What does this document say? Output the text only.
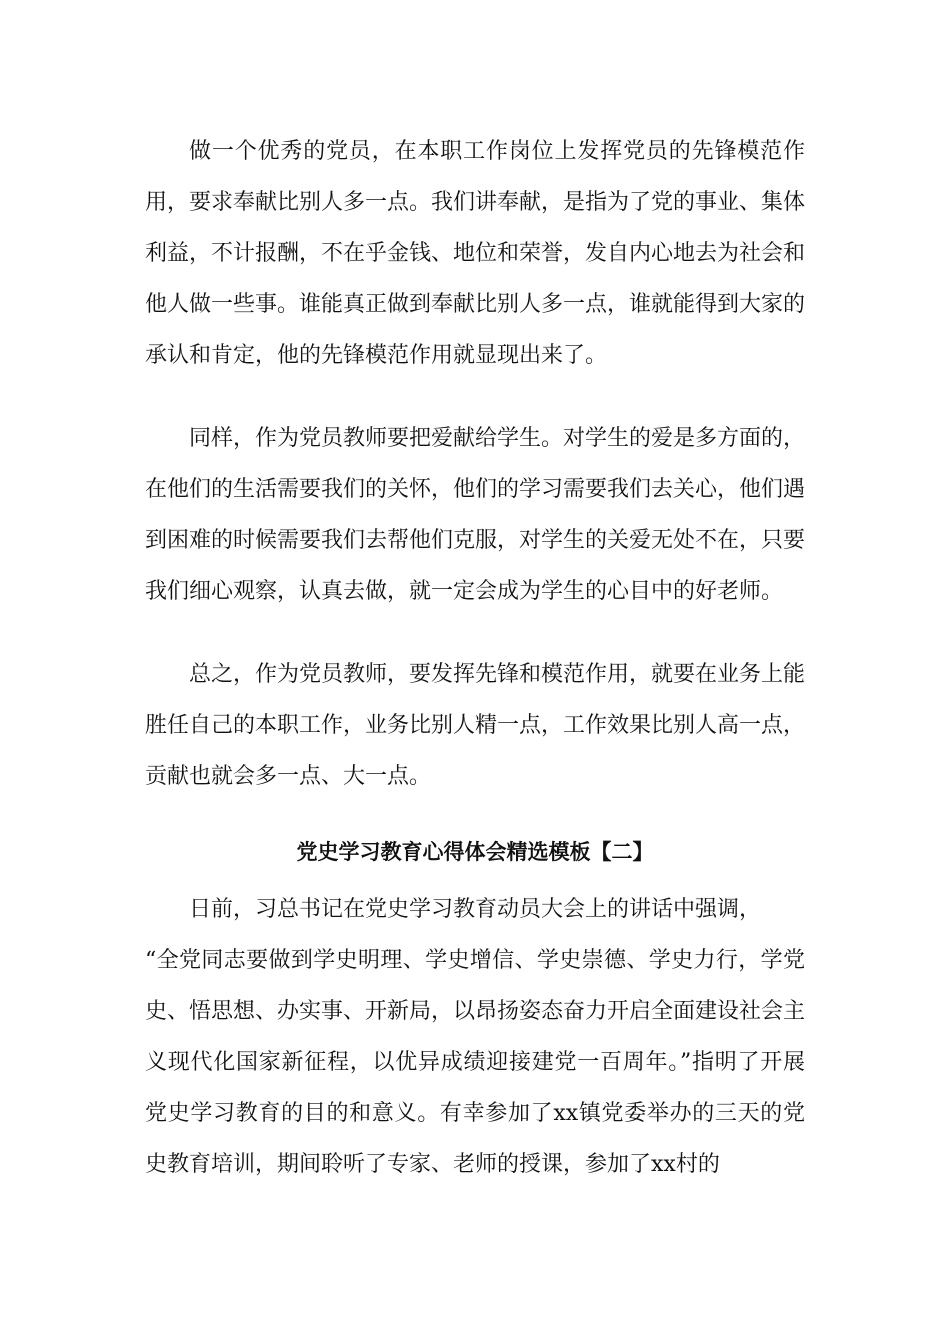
做一个优秀的党员，在本职工作岗位上发挥党员的先锋模范作用，要求奉献比别人多一点。我们讲奉献，是指为了党的事业、集体利益，不计报酬，不在乎金钱、地位和荣誉，发自内心地去为社会和他人做一些事。谁能真正做到奉献比别人多一点，谁就能得到大家的承认和肯定，他的先锋模范作用就显现出来了。

同样，作为党员教师要把爱献给学生。对学生的爱是多方面的，在他们的生活需要我们的关怀，他们的学习需要我们去关心，他们遇到困难的时候需要我们去帮他们克服，对学生的关爱无处不在，只要我们细心观察，认真去做，就一定会成为学生的心目中的好老师。

总之，作为党员教师，要发挥先锋和模范作用，就要在业务上能胜任自己的本职工作，业务比别人精一点，工作效果比别人高一点，贡献也就会多一点、大一点。

党史学习教育心得体会精选模板【二】

日前，习总书记在党史学习教育动员大会上的讲话中强调，

“全党同志要做到学史明理、学史增信、学史崇德、学史力行，学党史、悟思想、办实事、开新局，以昂扬姿态奋力开启全面建设社会主义现代化国家新征程，以优异成绩迎接建党一百周年。”指明了开展党史学习教育的目的和意义。有幸参加了xx镇党委举办的三天的党史教育培训，期间聆听了专家、老师的授课，参加了xx村的
